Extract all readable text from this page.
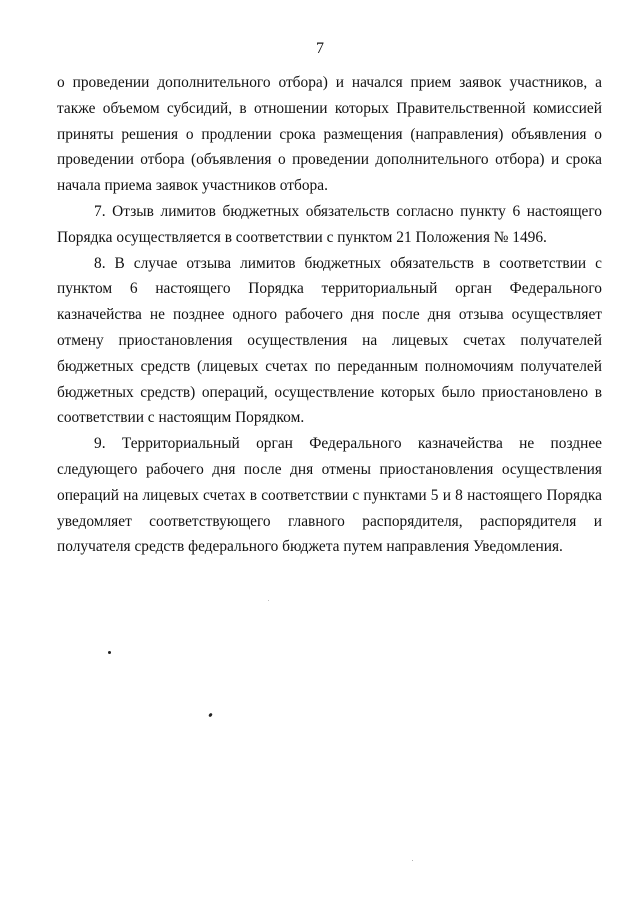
7

о проведении дополнительного отбора) и начался прием заявок участников, а также объемом субсидий, в отношении которых Правительственной комиссией приняты решения о продлении срока размещения (направления) объявления о проведении отбора (объявления о проведении дополнительного отбора) и срока начала приема заявок участников отбора.

7. Отзыв лимитов бюджетных обязательств согласно пункту 6 настоящего Порядка осуществляется в соответствии с пунктом 21 Положения № 1496.

8. В случае отзыва лимитов бюджетных обязательств в соответствии с пунктом 6 настоящего Порядка территориальный орган Федерального казначейства не позднее одного рабочего дня после дня отзыва осуществляет отмену приостановления осуществления на лицевых счетах получателей бюджетных средств (лицевых счетах по переданным полномочиям получателей бюджетных средств) операций, осуществление которых было приостановлено в соответствии с настоящим Порядком.

9. Территориальный орган Федерального казначейства не позднее следующего рабочего дня после дня отмены приостановления осуществления операций на лицевых счетах в соответствии с пунктами 5 и 8 настоящего Порядка уведомляет соответствующего главного распорядителя, распорядителя и получателя средств федерального бюджета путем направления Уведомления.
